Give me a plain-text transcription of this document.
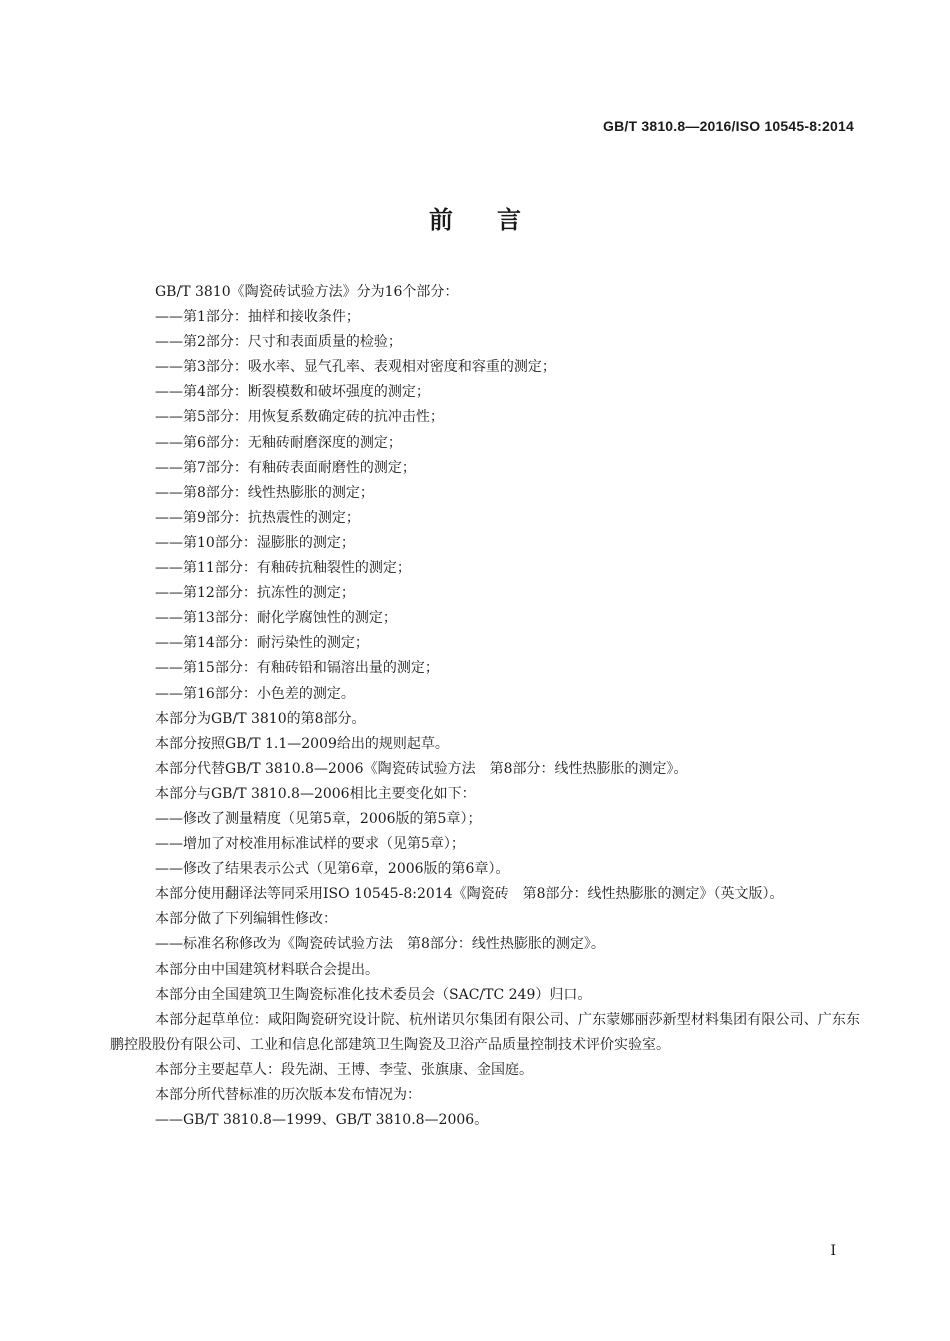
GB/T 3810.8—2016/ISO 10545-8:2014
前言
GB/T 3810《陶瓷砖试验方法》分为16个部分：
——第1部分：抽样和接收条件；
——第2部分：尺寸和表面质量的检验；
——第3部分：吸水率、显气孔率、表观相对密度和容重的测定；
——第4部分：断裂模数和破坏强度的测定；
——第5部分：用恢复系数确定砖的抗冲击性；
——第6部分：无釉砖耐磨深度的测定；
——第7部分：有釉砖表面耐磨性的测定；
——第8部分：线性热膨胀的测定；
——第9部分：抗热震性的测定；
——第10部分：湿膨胀的测定；
——第11部分：有釉砖抗釉裂性的测定；
——第12部分：抗冻性的测定；
——第13部分：耐化学腐蚀性的测定；
——第14部分：耐污染性的测定；
——第15部分：有釉砖铅和镉溶出量的测定；
——第16部分：小色差的测定。
本部分为GB/T 3810的第8部分。
本部分按照GB/T 1.1—2009给出的规则起草。
本部分代替GB/T 3810.8—2006《陶瓷砖试验方法　第8部分：线性热膨胀的测定》。
本部分与GB/T 3810.8—2006相比主要变化如下：
——修改了测量精度（见第5章，2006版的第5章）；
——增加了对校准用标准试样的要求（见第5章）；
——修改了结果表示公式（见第6章，2006版的第6章）。
本部分使用翻译法等同采用ISO 10545-8:2014《陶瓷砖　第8部分：线性热膨胀的测定》（英文版）。
本部分做了下列编辑性修改：
——标准名称修改为《陶瓷砖试验方法　第8部分：线性热膨胀的测定》。
本部分由中国建筑材料联合会提出。
本部分由全国建筑卫生陶瓷标准化技术委员会（SAC/TC 249）归口。
本部分起草单位：咸阳陶瓷研究设计院、杭州诺贝尔集团有限公司、广东蒙娜丽莎新型材料集团有限公司、广东东鹏控股股份有限公司、工业和信息化部建筑卫生陶瓷及卫浴产品质量控制技术评价实验室。
本部分主要起草人：段先湖、王博、李莹、张旗康、金国庭。
本部分所代替标准的历次版本发布情况为：
——GB/T 3810.8—1999、GB/T 3810.8—2006。
I
